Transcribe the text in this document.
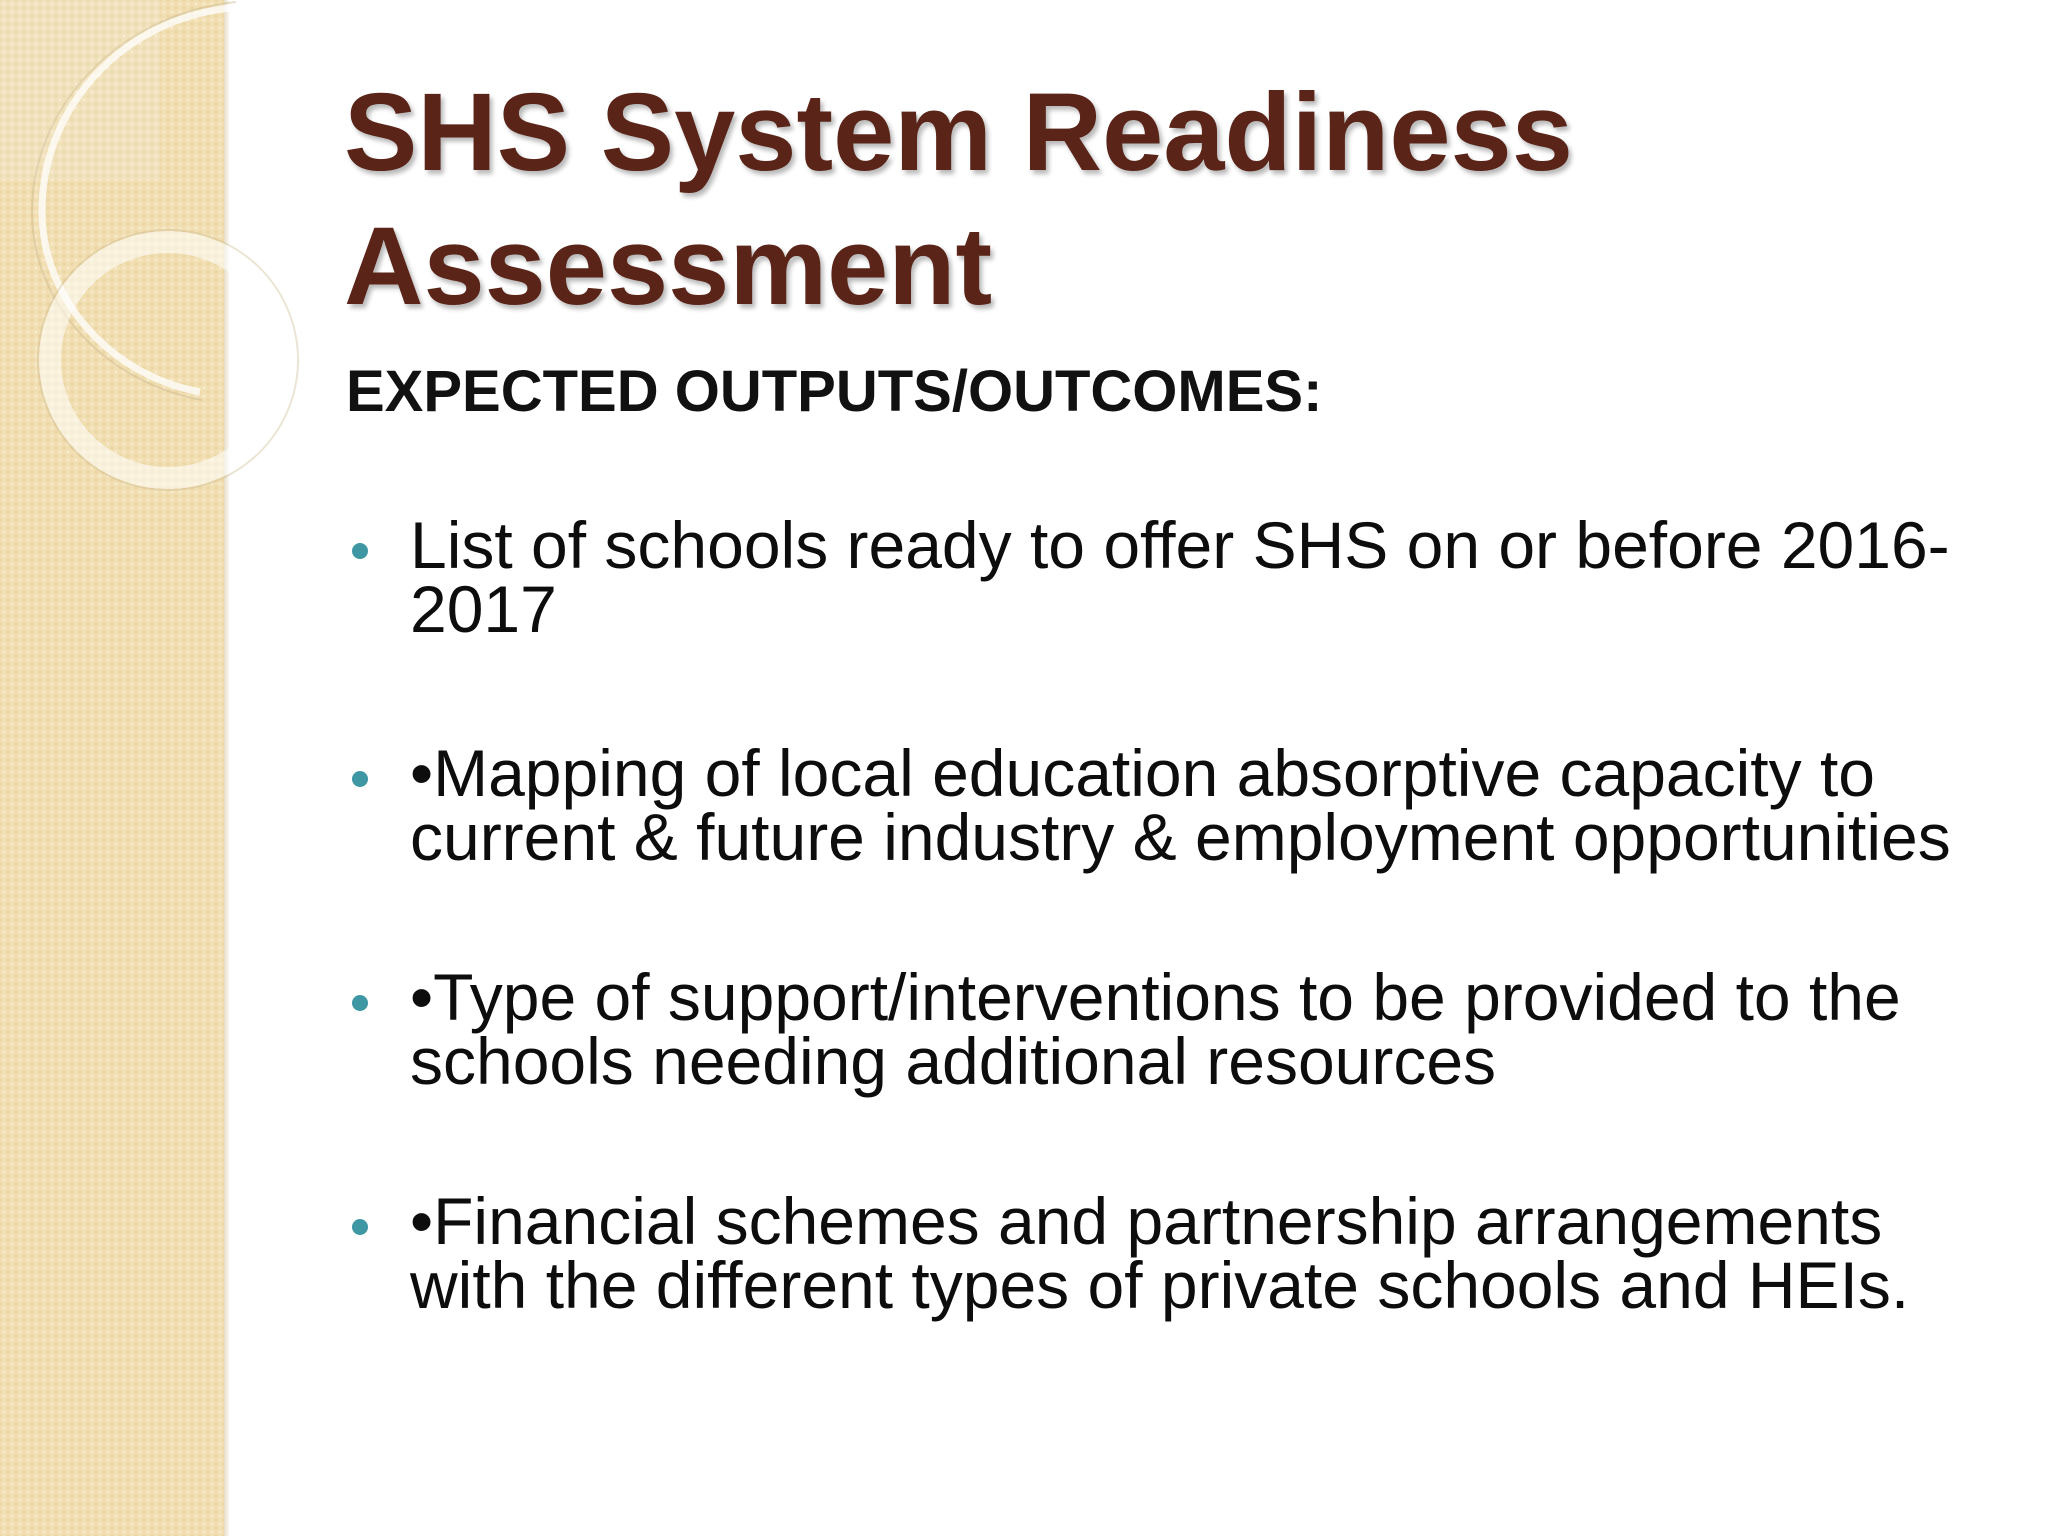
SHS System Readiness
Assessment

EXPECTED OUTPUTS/OUTCOMES:

List of schools ready to offer SHS on or before 2016-2017
•Mapping of local education absorptive capacity to current & future industry & employment opportunities
•Type of support/interventions to be provided to the schools needing additional resources
•Financial schemes and partnership arrangements with the different types of private schools and HEIs.
